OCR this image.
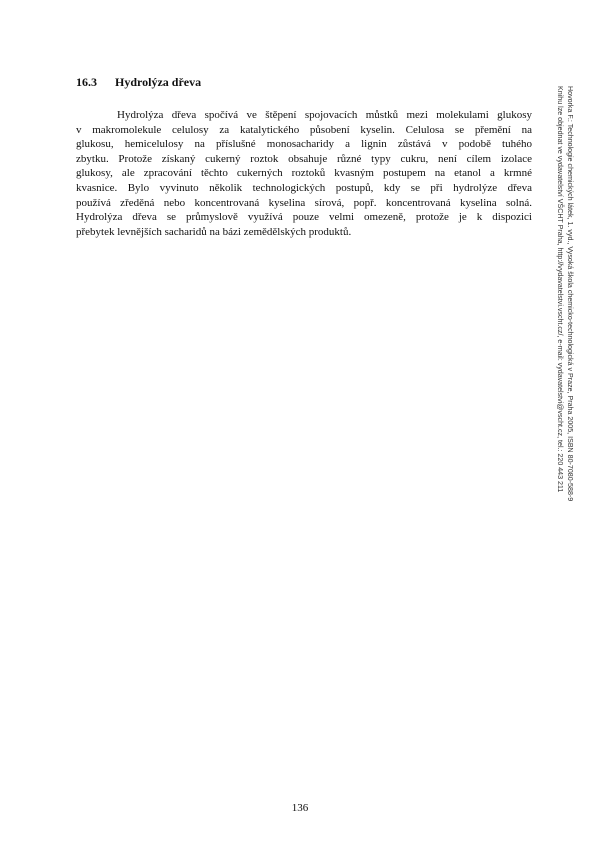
16.3 Hydrolýza dřeva
Hydrolýza dřeva spočívá ve štěpení spojovacích můstků mezi molekulami glukosy
v makromolekule celulosy za katalytického působení kyselin. Celulosa se přemění na
glukosu, hemicelulosy na příslušné monosacharidy a lignin zůstává v podobě tuhého
zbytku. Protože získaný cukerný roztok obsahuje různé typy cukru, není cílem izolace
glukosy, ale zpracování těchto cukerných roztoků kvasným postupem na etanol a krmné
kvasnice. Bylo vyvinuto několik technologických postupů, kdy se při hydrolýze dřeva
používá zředěná nebo koncentrovaná kyselina sírová, popř. koncentrovaná kyselina solná.
Hydrolýza dřeva se průmyslově využívá pouze velmi omezeně, protože je k dispozici
přebytek levnějších sacharidů na bázi zemědělských produktů.	Hovorka F.: Technologie chemických látek, 1. vyd., Vysoká škola chemicko-technologická v Praze, Praha 2005, ISBN 80-7080-588-9
Knihu lze objednat ve vydavatelství VŠCHT Praha, http://vydavatelstvi.vscht.cz/, e-mail: vydavatelstvi@vscht.cz, tel.: 220 443 211
136
